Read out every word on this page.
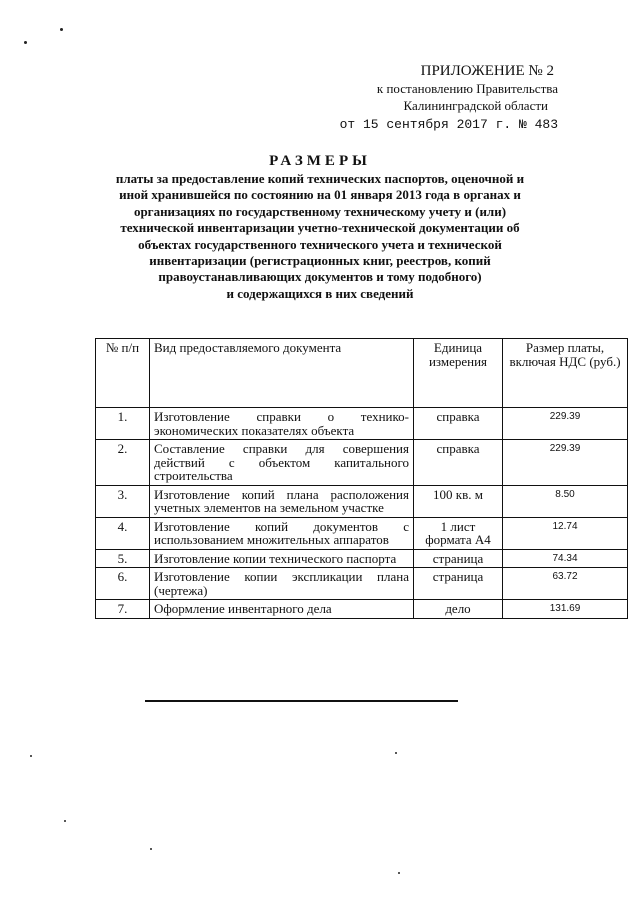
ПРИЛОЖЕНИЕ № 2
к постановлению Правительства
Калининградской области
от 15 сентября 2017 г. № 483
РАЗМЕРЫ
платы за предоставление копий технических паспортов, оценочной и
иной хранившейся по состоянию на 01 января 2013 года в органах и
организациях по государственному техническому учету и (или)
технической инвентаризации учетно-технической документации об
объектах государственного технического учета и технической
инвентаризации (регистрационных книг, реестров, копий
правоустанавливающих документов и тому подобного)
и содержащихся в них сведений
№ п/п	Вид предоставляемого документа	Единица измерения	Размер платы, включая НДС (руб.)
1.	Изготовление справки о технико-экономических показателях объекта	справка	229.39
2.	Составление справки для совершения действий с объектом капитального строительства	справка	229.39
3.	Изготовление копий плана расположения учетных элементов на земельном участке	100 кв. м	8.50
4.	Изготовление копий документов с использованием множительных аппаратов	1 лист формата А4	12.74
5.	Изготовление копии технического паспорта	страница	74.34
6.	Изготовление копии экспликации плана (чертежа)	страница	63.72
7.	Оформление инвентарного дела	дело	131.69
